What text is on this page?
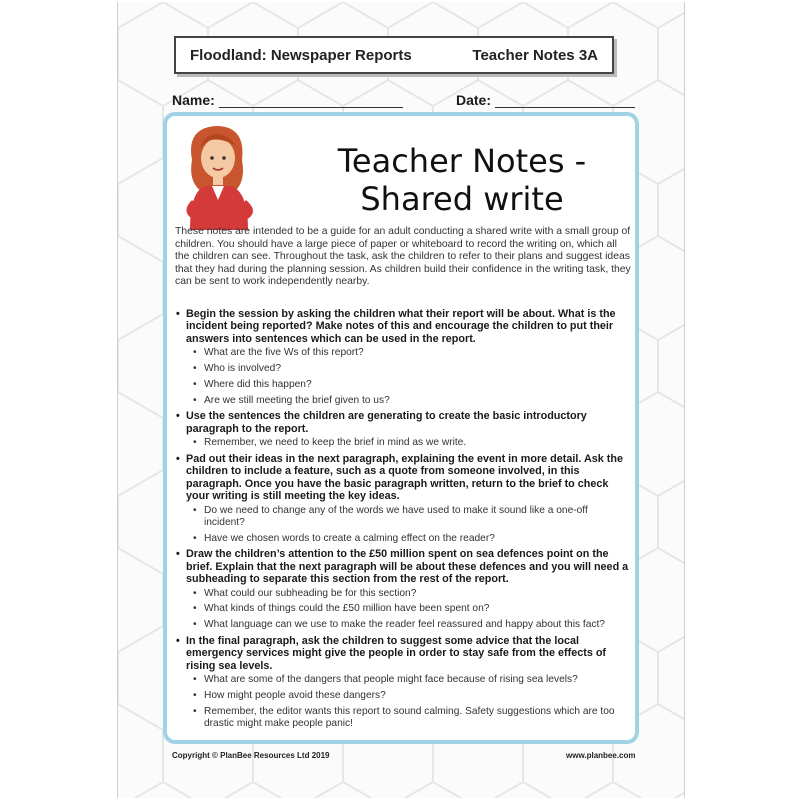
Floodland: Newspaper Reports	Teacher Notes 3A
Name:	Date:
Teacher Notes -
Shared write

These notes are intended to be a guide for an adult conducting a shared write with a small group of children. You should have a large piece of paper or whiteboard to record the writing on, which all the children can see. Throughout the task, ask the children to refer to their plans and suggest ideas that they had during the planning session. As children build their confidence in the writing task, they can be sent to work independently nearby.

• Begin the session by asking the children what their report will be about. What is the incident being reported? Make notes of this and encourage the children to put their answers into sentences which can be used in the report.
• What are the five Ws of this report?
• Who is involved?
• Where did this happen?
• Are we still meeting the brief given to us?
• Use the sentences the children are generating to create the basic introductory paragraph to the report.
• Remember, we need to keep the brief in mind as we write.
• Pad out their ideas in the next paragraph, explaining the event in more detail. Ask the children to include a feature, such as a quote from someone involved, in this paragraph. Once you have the basic paragraph written, return to the brief to check your writing is still meeting the key ideas.
• Do we need to change any of the words we have used to make it sound like a one-off incident?
• Have we chosen words to create a calming effect on the reader?
• Draw the children’s attention to the £50 million spent on sea defences point on the brief. Explain that the next paragraph will be about these defences and you will need a subheading to separate this section from the rest of the report.
• What could our subheading be for this section?
• What kinds of things could the £50 million have been spent on?
• What language can we use to make the reader feel reassured and happy about this fact?
• In the final paragraph, ask the children to suggest some advice that the local emergency services might give the people in order to stay safe from the effects of rising sea levels.
• What are some of the dangers that people might face because of rising sea levels?
• How might people avoid these dangers?
• Remember, the editor wants this report to sound calming. Safety suggestions which are too drastic might make people panic!
Copyright © PlanBee Resources Ltd 2019	www.planbee.com
